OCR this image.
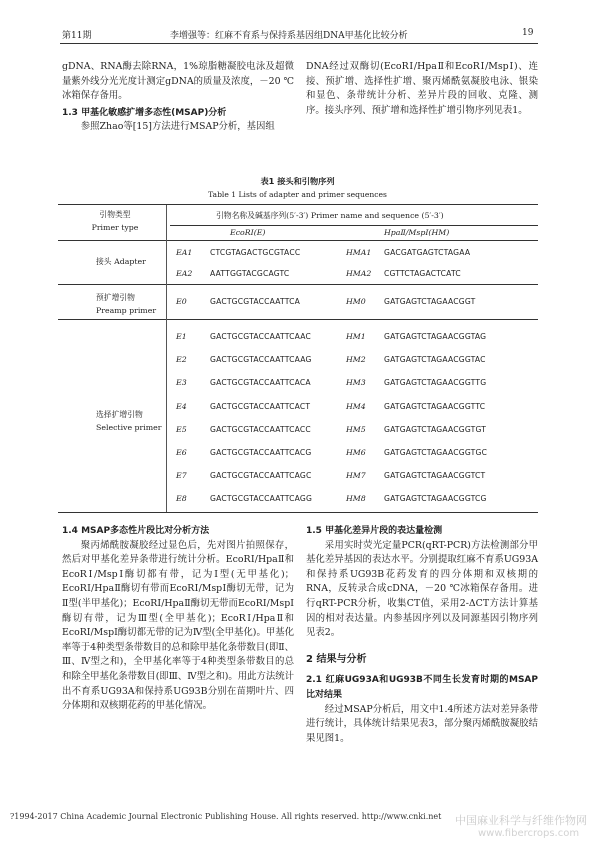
第11期	李增强等：红麻不育系与保持系基因组DNA甲基化比较分析	19

gDNA、RNA酶去除RNA，1%琼脂糖凝胶电泳及超微量紫外线分光光度计测定gDNA的质量及浓度，－20 ℃冰箱保存备用。

1.3 甲基化敏感扩增多态性(MSAP)分析

参照Zhao等[15]方法进行MSAP分析，基因组

DNA经过双酶切(EcoRⅠ/HpaⅡ和EcoRⅠ/MspⅠ)、连接、预扩增、选择性扩增、聚丙烯酰氨凝胶电泳、银染和显色、条带统计分析、差异片段的回收、克隆、测序。接头序列、预扩增和选择性扩增引物序列见表1。

表1 接头和引物序列
Table 1 Lists of adapter and primer sequences
引物类型
Primer type
引物名称及碱基序列(5′-3′) Primer name and sequence (5′-3′)
EcoRⅠ(E)	HpaⅡ/MspⅠ(HM)
接头 Adapter
EA1 CTCGTAGACTGCGTACC	HMA1 GACGATGAGTCTAGAA
EA2 AATTGGTACGCAGTC	HMA2 CGTTCTAGACTCATC
预扩增引物
Preamp primer
E0	GACTGCGTACCAATTCA	HM0 GATGAGTCTAGAACGGT
选择扩增引物
Selective primer
E1	GACTGCGTACCAATTCAAC	HM1 GATGAGTCTAGAACGGTAG
E2	GACTGCGTACCAATTCAAG	HM2 GATGAGTCTAGAACGGTAC
E3	GACTGCGTACCAATTCACA	HM3 GATGAGTCTAGAACGGTTG
E4	GACTGCGTACCAATTCACT	HM4 GATGAGTCTAGAACGGTTC
E5	GACTGCGTACCAATTCACC	HM5 GATGAGTCTAGAACGGTGT
E6	GACTGCGTACCAATTCACG	HM6 GATGAGTCTAGAACGGTGC
E7	GACTGCGTACCAATTCAGC	HM7 GATGAGTCTAGAACGGTCT
E8	GACTGCGTACCAATTCAGG	HM8 GATGAGTCTAGAACGGTCG

1.4 MSAP多态性片段比对分析方法

聚丙烯酰胺凝胶经过显色后，先对图片拍照保存，然后对甲基化差异条带进行统计分析。EcoRⅠ/HpaⅡ和EcoRⅠ/MspⅠ酶切都有带，记为Ⅰ型(无甲基化)；EcoRⅠ/HpaⅡ酶切有带而EcoRⅠ/MspⅠ酶切无带，记为Ⅱ型(半甲基化)；EcoRⅠ/HpaⅡ酶切无带而EcoRⅠ/MspⅠ酶切有带，记为Ⅲ型(全甲基化)；EcoRⅠ/HpaⅡ和EcoRⅠ/MspⅠ酶切都无带的记为Ⅳ型(全甲基化)。甲基化率等于4种类型条带数目的总和除甲基化条带数目(即Ⅱ、Ⅲ、Ⅳ型之和)，全甲基化率等于4种类型条带数目的总和除全甲基化条带数目(即Ⅲ、Ⅳ型之和)。用此方法统计出不育系UG93A和保持系UG93B分别在苗期叶片、四分体期和双核期花药的甲基化情况。

1.5 甲基化差异片段的表达量检测

采用实时荧光定量PCR(qRT-PCR)方法检测部分甲基化差异基因的表达水平。分别提取红麻不育系UG93A和保持系UG93B花药发育的四分体期和双核期的RNA，反转录合成cDNA，－20 ℃冰箱保存备用。进行qRT-PCR分析，收集CT值，采用2-ΔCT方法计算基因的相对表达量。内参基因序列以及同源基因引物序列见表2。

2 结果与分析

2.1 红麻UG93A和UG93B不同生长发育时期的MSAP比对结果

经过MSAP分析后，用文中1.4所述方法对差异条带进行统计，具体统计结果见表3，部分聚丙烯酰胺凝胶结果见图1。

?1994-2017 China Academic Journal Electronic Publishing House. All rights reserved. http://www.cnki.net 中国麻业科学与纤维作物网
www.fibercrops.com
